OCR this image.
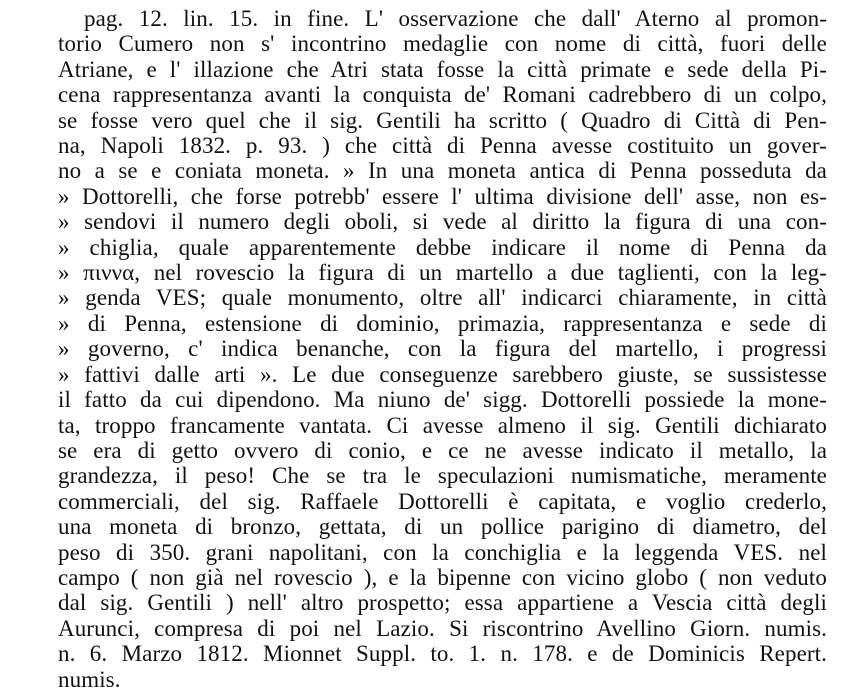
pag. 12. lin. 15. in fine. L' osservazione che dall' Aterno al promon-
torio Cumero non s' incontrino medaglie con nome di città, fuori delle
Atriane, e l' illazione che Atri stata fosse la città primate e sede della Pi-
cena rappresentanza avanti la conquista de' Romani cadrebbero di un colpo,
se fosse vero quel che il sig. Gentili ha scritto ( Quadro di Città di Pen-
na, Napoli 1832. p. 93. ) che città di Penna avesse costituito un gover-
no a se e coniata moneta. » In una moneta antica di Penna posseduta da
» Dottorelli, che forse potrebb' essere l' ultima divisione dell' asse, non es-
» sendovi il numero degli oboli, si vede al diritto la figura di una con-
» chiglia, quale apparentemente debbe indicare il nome di Penna da
» πιννα, nel rovescio la figura di un martello a due taglienti, con la leg-
» genda VES; quale monumento, oltre all' indicarci chiaramente, in città
» di Penna, estensione di dominio, primazia, rappresentanza e sede di
» governo, c' indica benanche, con la figura del martello, i progressi
» fattivi dalle arti ». Le due conseguenze sarebbero giuste, se sussistesse
il fatto da cui dipendono. Ma niuno de' sigg. Dottorelli possiede la mone-
ta, troppo francamente vantata. Ci avesse almeno il sig. Gentili dichiarato
se era di getto ovvero di conio, e ce ne avesse indicato il metallo, la
grandezza, il peso! Che se tra le speculazioni numismatiche, meramente
commerciali, del sig. Raffaele Dottorelli è capitata, e voglio crederlo,
una moneta di bronzo, gettata, di un pollice parigino di diametro, del
peso di 350. grani napolitani, con la conchiglia e la leggenda VES. nel
campo ( non già nel rovescio ), e la bipenne con vicino globo ( non veduto
dal sig. Gentili ) nell' altro prospetto; essa appartiene a Vescia città degli
Aurunci, compresa di poi nel Lazio. Si riscontrino Avellino Giorn. numis.
n. 6. Marzo 1812. Mionnet Suppl. to. 1. n. 178. e de Dominicis Repert.
numis.
